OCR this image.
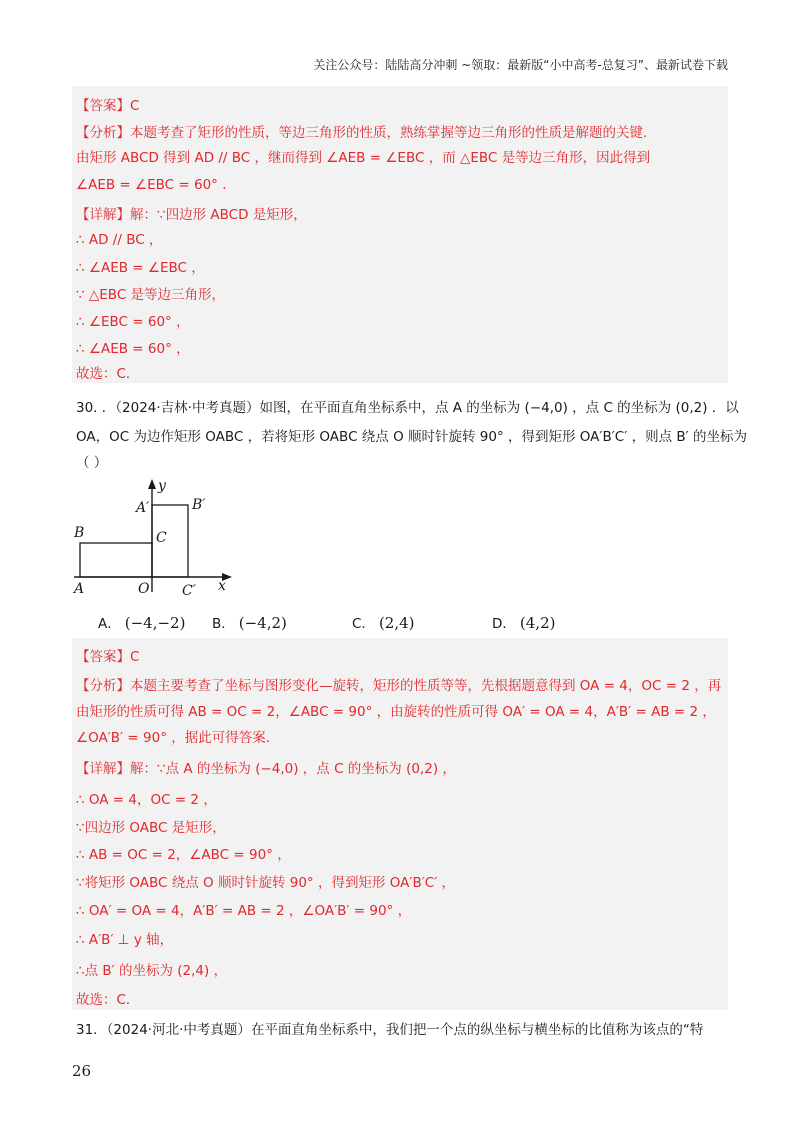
关注公众号：陆陆高分冲刺 ~领取：最新版“小中高考-总复习”、最新试卷下载
【答案】C
【分析】本题考查了矩形的性质，等边三角形的性质，熟练掌握等边三角形的性质是解题的关键．
由矩形 ABCD 得到 AD // BC ，继而得到 ∠AEB = ∠EBC ，而 △EBC 是等边三角形，因此得到
∠AEB = ∠EBC = 60° ．
【详解】解：∵四边形 ABCD 是矩形，
∴ AD // BC ，
∴ ∠AEB = ∠EBC ，
∵ △EBC 是等边三角形，
∴ ∠EBC = 60° ，
∴ ∠AEB = 60° ，
故选：C．
30. ．（2024·吉林·中考真题）如图，在平面直角坐标系中，点 A 的坐标为 (−4,0) ，点 C 的坐标为 (0,2) ．以
OA，OC 为边作矩形 OABC ，若将矩形 OABC 绕点 O 顺时针旋转 90° ，得到矩形 OA′B′C′ ，则点 B′ 的坐标为
（ ）
B
A	O
C
A′	B′
C′ x
y
A． (−4,−2) B． (−4,2)	C． (2,4)	D． (4,2)
【答案】C
【分析】本题主要考查了坐标与图形变化—旋转，矩形的性质等等，先根据题意得到 OA = 4，OC = 2 ，再
由矩形的性质可得 AB = OC = 2，∠ABC = 90° ，由旋转的性质可得 OA′ = OA = 4，A′B′ = AB = 2 ，
∠OA′B′ = 90° ，据此可得答案．
【详解】解：∵点 A 的坐标为 (−4,0) ，点 C 的坐标为 (0,2) ，
∴ OA = 4，OC = 2 ，
∵四边形 OABC 是矩形，
∴ AB = OC = 2，∠ABC = 90° ，
∵将矩形 OABC 绕点 O 顺时针旋转 90° ，得到矩形 OA′B′C′ ，
∴ OA′ = OA = 4，A′B′ = AB = 2 ，∠OA′B′ = 90° ，
∴ A′B′ ⊥ y 轴，
∴点 B′ 的坐标为 (2,4) ，
故选：C．
31．（2024·河北·中考真题）在平面直角坐标系中，我们把一个点的纵坐标与横坐标的比值称为该点的“特
26
